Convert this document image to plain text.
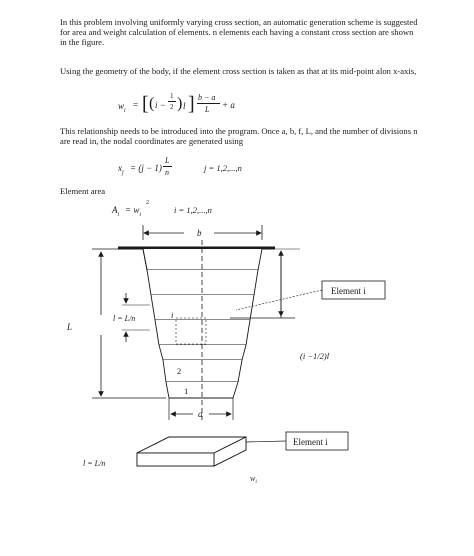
In this problem involving uniformly varying cross section, an automatic generation scheme is suggested for area and weight calculation of elements. n elements each having a constant cross section are shown in the figure.
Using the geometry of the body, if the element cross section is taken as that at its mid-point alon x-axis,
$w_i$
= [ ( i −
1
2 ) l ] b − a
L + a
This relationship needs to be introduced into the program. Once a, b, f, L, and the number of divisions n are read in, the nodal coordinates are generated using
$x_j = (j - 1)$
L
n	j = 1,2,...,n
Element area
$A_i = w_i$
2
i = 1,2,...,n
b
L
l = L/n	i
2
1
a
(i −1/2)l
Element i
Element i
l = L/n
$w_i$
